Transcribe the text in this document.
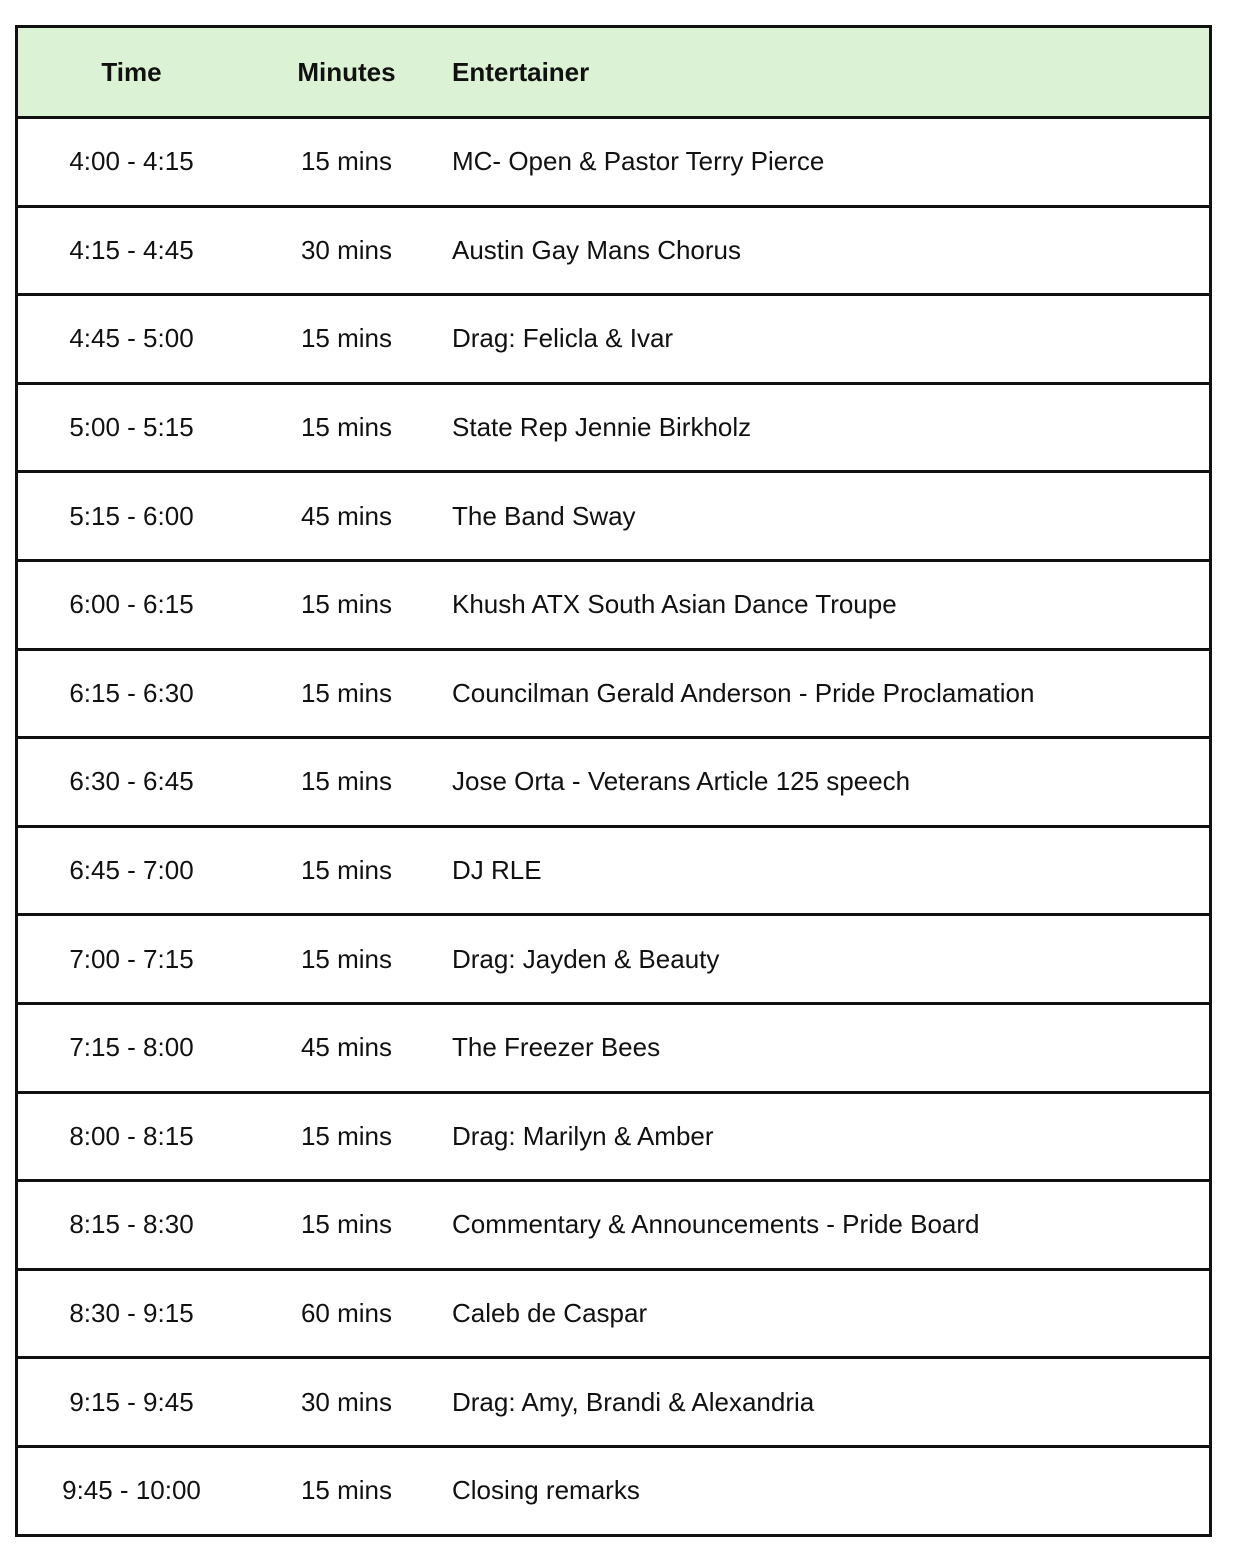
Time	Minutes	Entertainer
4:00 - 4:15	15 mins	MC- Open & Pastor Terry Pierce
4:15 - 4:45	30 mins	Austin Gay Mans Chorus
4:45 - 5:00	15 mins	Drag: Felicla & Ivar
5:00 - 5:15	15 mins	State Rep Jennie Birkholz
5:15 - 6:00	45 mins	The Band Sway
6:00 - 6:15	15 mins	Khush ATX South Asian Dance Troupe
6:15 - 6:30	15 mins	Councilman Gerald Anderson - Pride Proclamation
6:30 - 6:45	15 mins	Jose Orta - Veterans Article 125 speech
6:45 - 7:00	15 mins	DJ RLE
7:00 - 7:15	15 mins	Drag: Jayden & Beauty
7:15 - 8:00	45 mins	The Freezer Bees
8:00 - 8:15	15 mins	Drag: Marilyn & Amber
8:15 - 8:30	15 mins	Commentary & Announcements - Pride Board
8:30 - 9:15	60 mins	Caleb de Caspar
9:15 - 9:45	30 mins	Drag: Amy, Brandi & Alexandria
9:45 - 10:00	15 mins	Closing remarks
